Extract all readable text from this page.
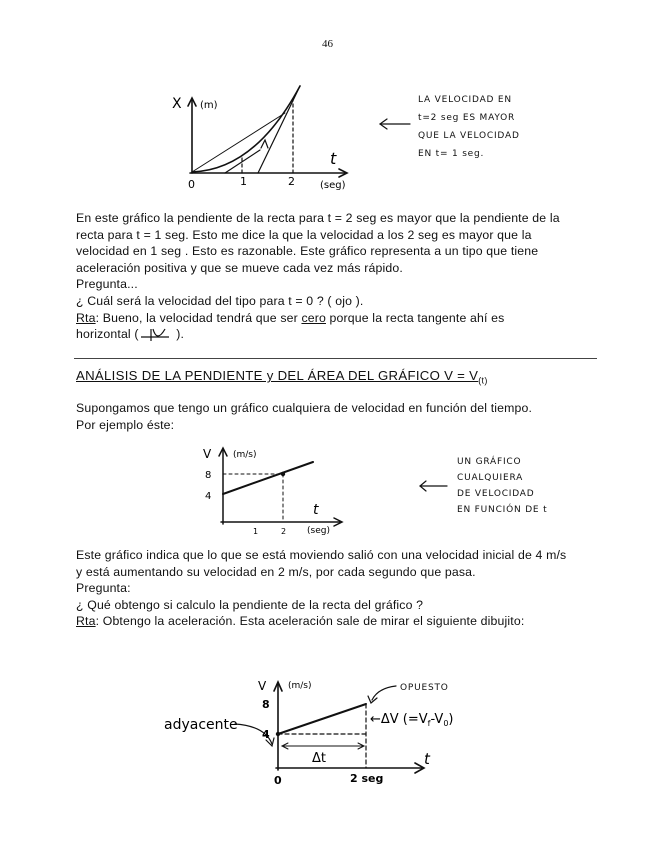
46
X (m)
t
(seg)
0	1	2
LA VELOCIDAD EN
t=2 seg ES MAYOR
QUE LA VELOCIDAD
EN t= 1 seg.

En este gráfico la pendiente de la recta para t = 2 seg es mayor que la pendiente de la

recta para t = 1 seg. Esto me dice la que la velocidad a los 2 seg es mayor que la

velocidad en 1 seg . Esto es razonable. Este gráfico representa a un tipo que tiene

aceleración positiva y que se mueve cada vez más rápido.

Pregunta...

¿ Cuál será la velocidad del tipo para t = 0 ? ( ojo ).

Rta: Bueno, la velocidad tendrá que ser cero porque la recta tangente ahí es

horizontal (	).

ANÁLISIS DE LA PENDIENTE y DEL ÁREA DEL GRÁFICO $V = V_{(t)}$

Supongamos que tengo un gráfico cualquiera de velocidad en función del tiempo.

Por ejemplo éste:

V (m/s)
8
4
1	2
t
(seg)
UN GRÁFICO
CUALQUIERA
DE VELOCIDAD
EN FUNCIÓN DE t

Este gráfico indica que lo que se está moviendo salió con una velocidad inicial de 4 m/s

y está aumentando su velocidad en 2 m/s, por cada segundo que pasa.

Pregunta:

¿ Qué obtengo si calculo la pendiente de la recta del gráfico ?

Rta: Obtengo la aceleración. Esta aceleración sale de mirar el siguiente dibujito:

V (m/s)
8
4
0	2 seg
t
adyacente
OPUESTO
Δt
←ΔV $(=V_f-V_0)$
